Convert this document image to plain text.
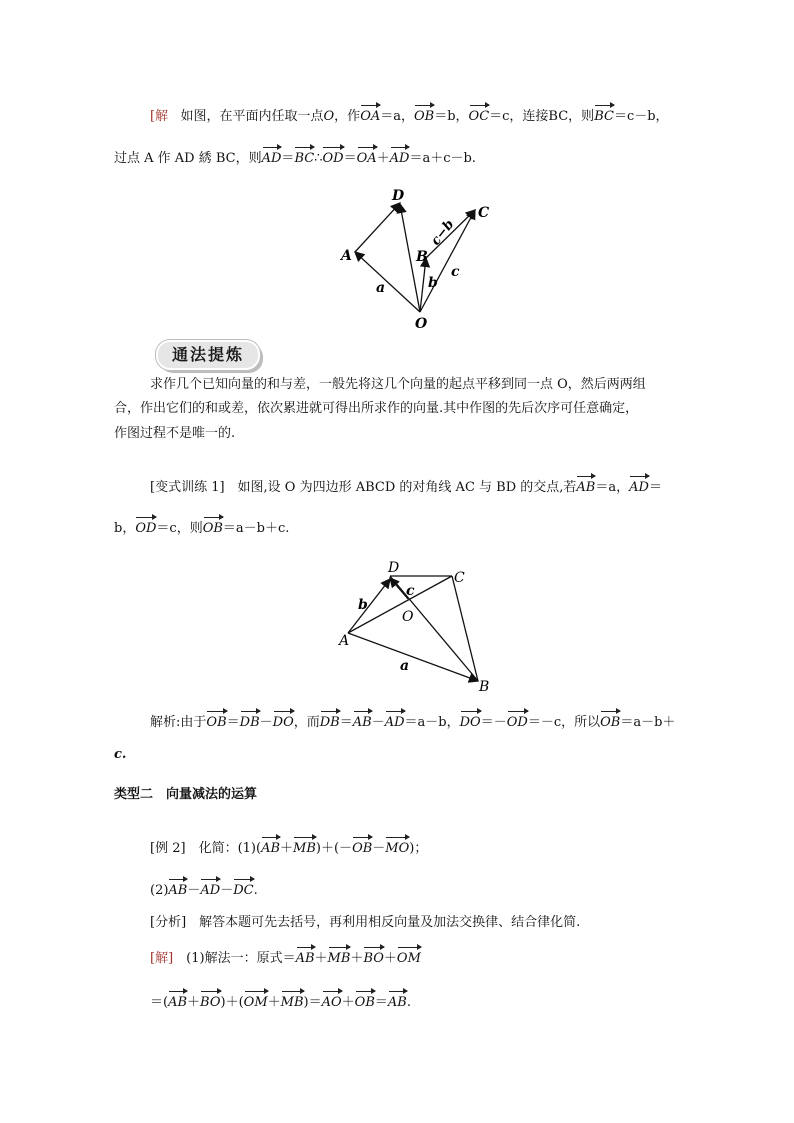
[解 如图，在平面内任取一点O，作OA＝a，OB＝b，OC＝c，连接BC，则BC＝c－b，
过点 A 作 AD 綉 BC，则AD＝BC∴OD＝OA＋AD＝a＋c－b.
D
C
A	B
O
a	b
c
c−b
通法提炼
求作几个已知向量的和与差，一般先将这几个向量的起点平移到同一点 O，然后两两组
合，作出它们的和或差，依次累进就可得出所求作的向量.其中作图的先后次序可任意确定，
作图过程不是唯一的.
[变式训练 1]　如图,设 O 为四边形 ABCD 的对角线 AC 与 BD 的交点,若AB＝a，AD＝
b，OD＝c，则OB＝a－b＋c.
D
C
A
B
O
b
c
a
解析:由于OB＝DB－DO，而DB＝AB－AD＝a－b，DO＝－OD＝－c，所以OB＝a－b＋
c.
类型二　向量减法的运算
[例 2]　化简：(1)(AB＋MB)＋(－OB－MO)；
(2)AB－AD－DC.
[分析]　解答本题可先去括号，再利用相反向量及加法交换律、结合律化简.
[解]　(1)解法一：原式＝AB＋MB＋BO＋OM
＝(AB＋BO)＋(OM＋MB)＝AO＋OB＝AB.
